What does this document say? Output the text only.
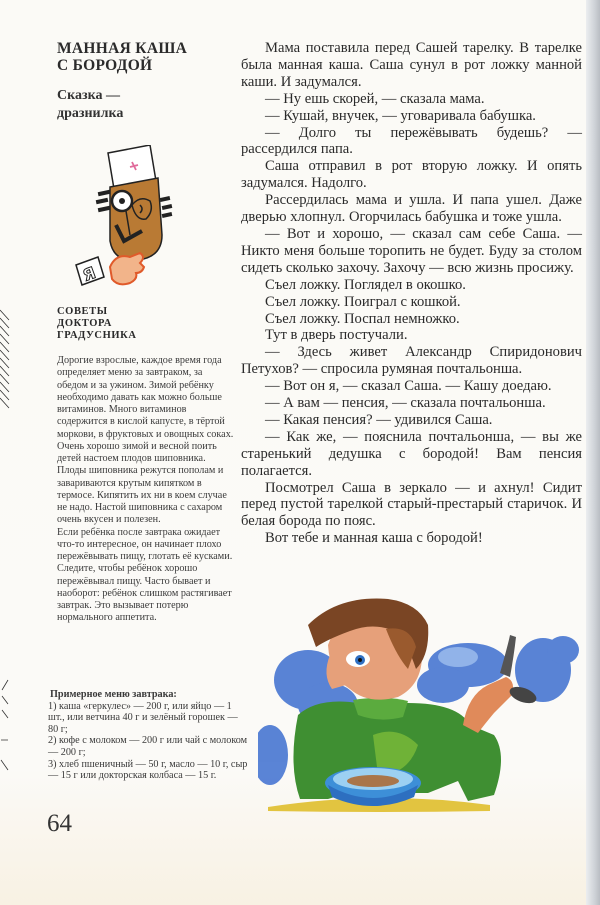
МАННАЯ КАША
С БОРОДОЙ
Сказка —
дразнилка
Я
СОВЕТЫ
ДОКТОРА
ГРАДУСНИКА

Дорогие взрослые, каждое время года определяет меню за завтраком, за обедом и за ужином. Зимой ребёнку необходимо давать как можно больше витаминов. Много витаминов содержится в кислой капусте, в тёртой моркови, в фруктовых и овощных соках.

Очень хорошо зимой и весной поить детей настоем плодов шиповника. Плоды шиповника режутся пополам и завариваются крутым кипятком в термосе. Кипятить их ни в коем случае не надо. Настой шиповника с сахаром очень вкусен и полезен.

Если ребёнка после завтрака ожидает что-то интересное, он начинает плохо пережёвывать пищу, глотать её кусками.

Следите, чтобы ребёнок хорошо пережёвывал пищу. Часто бывает и наоборот: ребёнок слишком растягивает завтрак. Это вызывает потерю нормального аппетита.

Примерное меню завтрака:

1) каша «геркулес» — 200 г, или яйцо — 1 шт., или ветчина 40 г и зелёный горошек — 80 г;

2) кофе с молоком — 200 г или чай с молоком — 200 г;

3) хлеб пшеничный — 50 г, масло — 10 г, сыр — 15 г или докторская колбаса — 15 г.

64

Мама поставила перед Сашей тарелку. В тарелке была манная каша. Саша сунул в рот ложку манной каши. И задумался.

— Ну ешь скорей, — сказала мама.

— Кушай, внучек, — уговаривала бабушка.

— Долго ты пережёвывать будешь? — рассердился папа.

Саша отправил в рот вторую ложку. И опять задумался. Надолго.

Рассердилась мама и ушла. И папа ушел. Даже дверью хлопнул. Огорчилась бабушка и тоже ушла.

— Вот и хорошо, — сказал сам себе Саша. — Никто меня больше торопить не будет. Буду за столом сидеть сколько захочу. Захочу — всю жизнь просижу.

Съел ложку. Поглядел в окошко.

Съел ложку. Поиграл с кошкой.

Съел ложку. Поспал немножко.

Тут в дверь постучали.

— Здесь живет Александр Спиридонович Петухов? — спросила румяная почтальонша.

— Вот он я, — сказал Саша. — Кашу доедаю.

— А вам — пенсия, — сказала почтальонша.

— Какая пенсия? — удивился Саша.

— Как же, — пояснила почтальонша, — вы же старенький дедушка с бородой! Вам пенсия полагается.

Посмотрел Саша в зеркало — и ахнул! Сидит перед пустой тарелкой старый-престарый старичок. И белая борода по пояс.

Вот тебе и манная каша с бородой!
